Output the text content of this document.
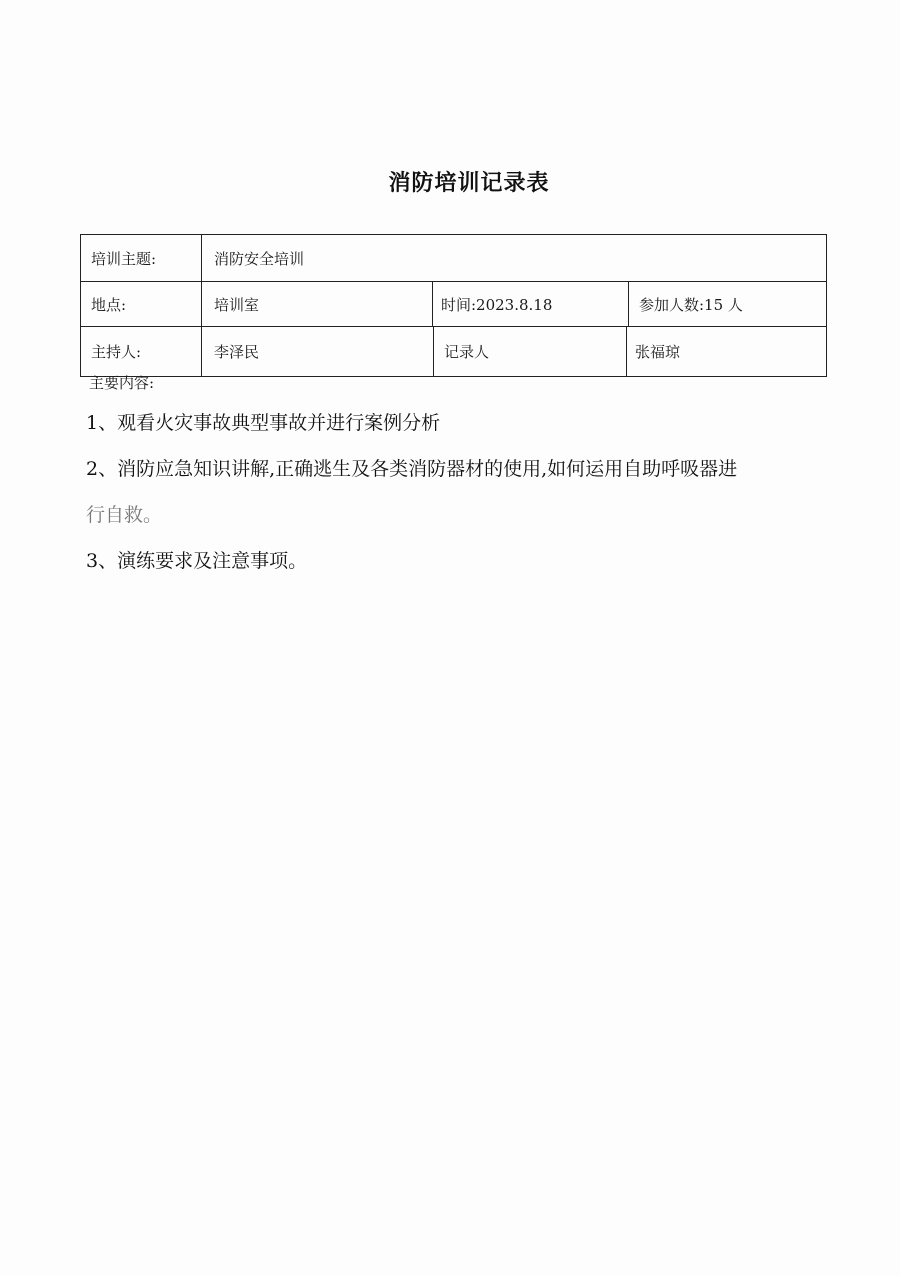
消防培训记录表
培训主题:	消防安全培训
地点:	培训室	时间:2023.8.18	参加人数:15 人
主持人:	李泽民	记录人	张福琼
主要内容:
1、观看火灾事故典型事故并进行案例分析
2、消防应急知识讲解,正确逃生及各类消防器材的使用,如何运用自助呼吸器进
行自救。
3、演练要求及注意事项。
